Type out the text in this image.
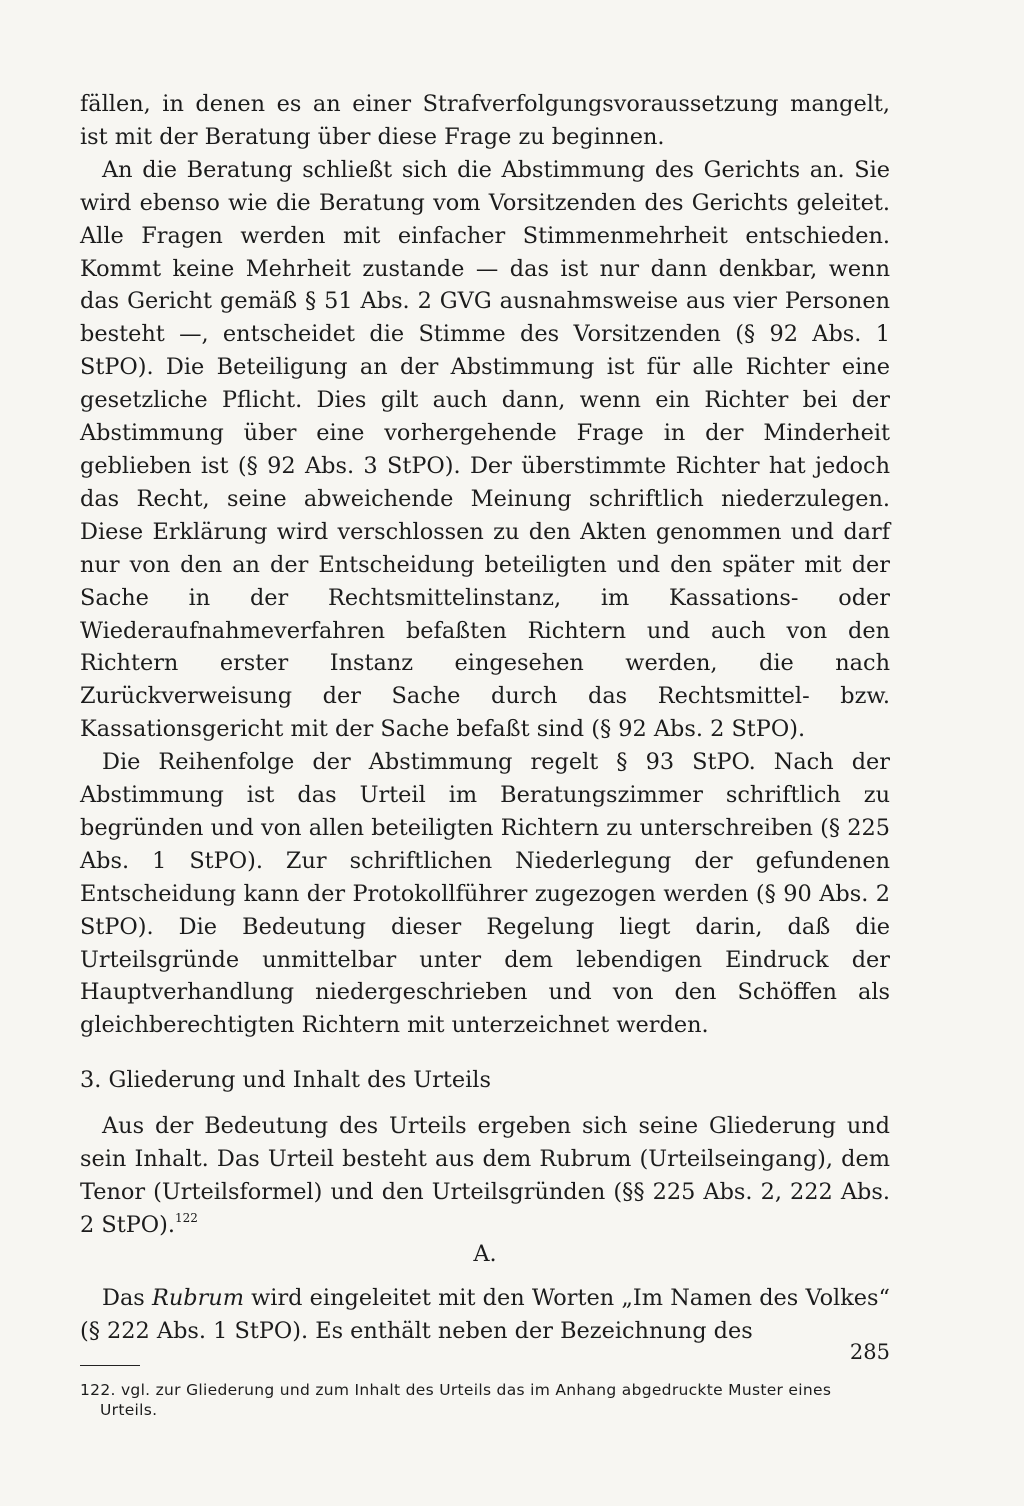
fällen, in denen es an einer Strafverfolgungsvoraussetzung mangelt, ist mit der Beratung über diese Frage zu beginnen.

An die Beratung schließt sich die Abstimmung des Gerichts an. Sie wird ebenso wie die Beratung vom Vorsitzenden des Gerichts geleitet. Alle Fragen werden mit einfacher Stimmenmehrheit entschieden. Kommt keine Mehrheit zustande — das ist nur dann denkbar, wenn das Gericht gemäß § 51 Abs. 2 GVG ausnahmsweise aus vier Personen besteht —, entscheidet die Stimme des Vorsitzenden (§ 92 Abs. 1 StPO). Die Beteiligung an der Abstimmung ist für alle Richter eine gesetzliche Pflicht. Dies gilt auch dann, wenn ein Richter bei der Abstimmung über eine vorhergehende Frage in der Minderheit geblieben ist (§ 92 Abs. 3 StPO). Der überstimmte Richter hat jedoch das Recht, seine abweichende Meinung schriftlich niederzulegen. Diese Erklärung wird verschlossen zu den Akten genommen und darf nur von den an der Entscheidung beteiligten und den später mit der Sache in der Rechtsmittelinstanz, im Kassations- oder Wiederaufnahmeverfahren befaßten Richtern und auch von den Richtern erster Instanz eingesehen werden, die nach Zurückverweisung der Sache durch das Rechtsmittel- bzw. Kassationsgericht mit der Sache befaßt sind (§ 92 Abs. 2 StPO).

Die Reihenfolge der Abstimmung regelt § 93 StPO. Nach der Abstimmung ist das Urteil im Beratungszimmer schriftlich zu begründen und von allen beteiligten Richtern zu unterschreiben (§ 225 Abs. 1 StPO). Zur schriftlichen Niederlegung der gefundenen Entscheidung kann der Protokollführer zugezogen werden (§ 90 Abs. 2 StPO). Die Bedeutung dieser Regelung liegt darin, daß die Urteilsgründe unmittelbar unter dem lebendigen Eindruck der Hauptverhandlung niedergeschrieben und von den Schöffen als gleichberechtigten Richtern mit unterzeichnet werden.

3. Gliederung und Inhalt des Urteils

Aus der Bedeutung des Urteils ergeben sich seine Gliederung und sein Inhalt. Das Urteil besteht aus dem Rubrum (Urteilseingang), dem Tenor (Urteilsformel) und den Urteilsgründen (§§ 225 Abs. 2, 222 Abs. 2 StPO).$^{122}$

A.

Das Rubrum wird eingeleitet mit den Worten „Im Namen des Volkes“ (§ 222 Abs. 1 StPO). Es enthält neben der Bezeichnung des

122. vgl. zur Gliederung und zum Inhalt des Urteils das im Anhang abgedruckte Muster eines Urteils.
285
